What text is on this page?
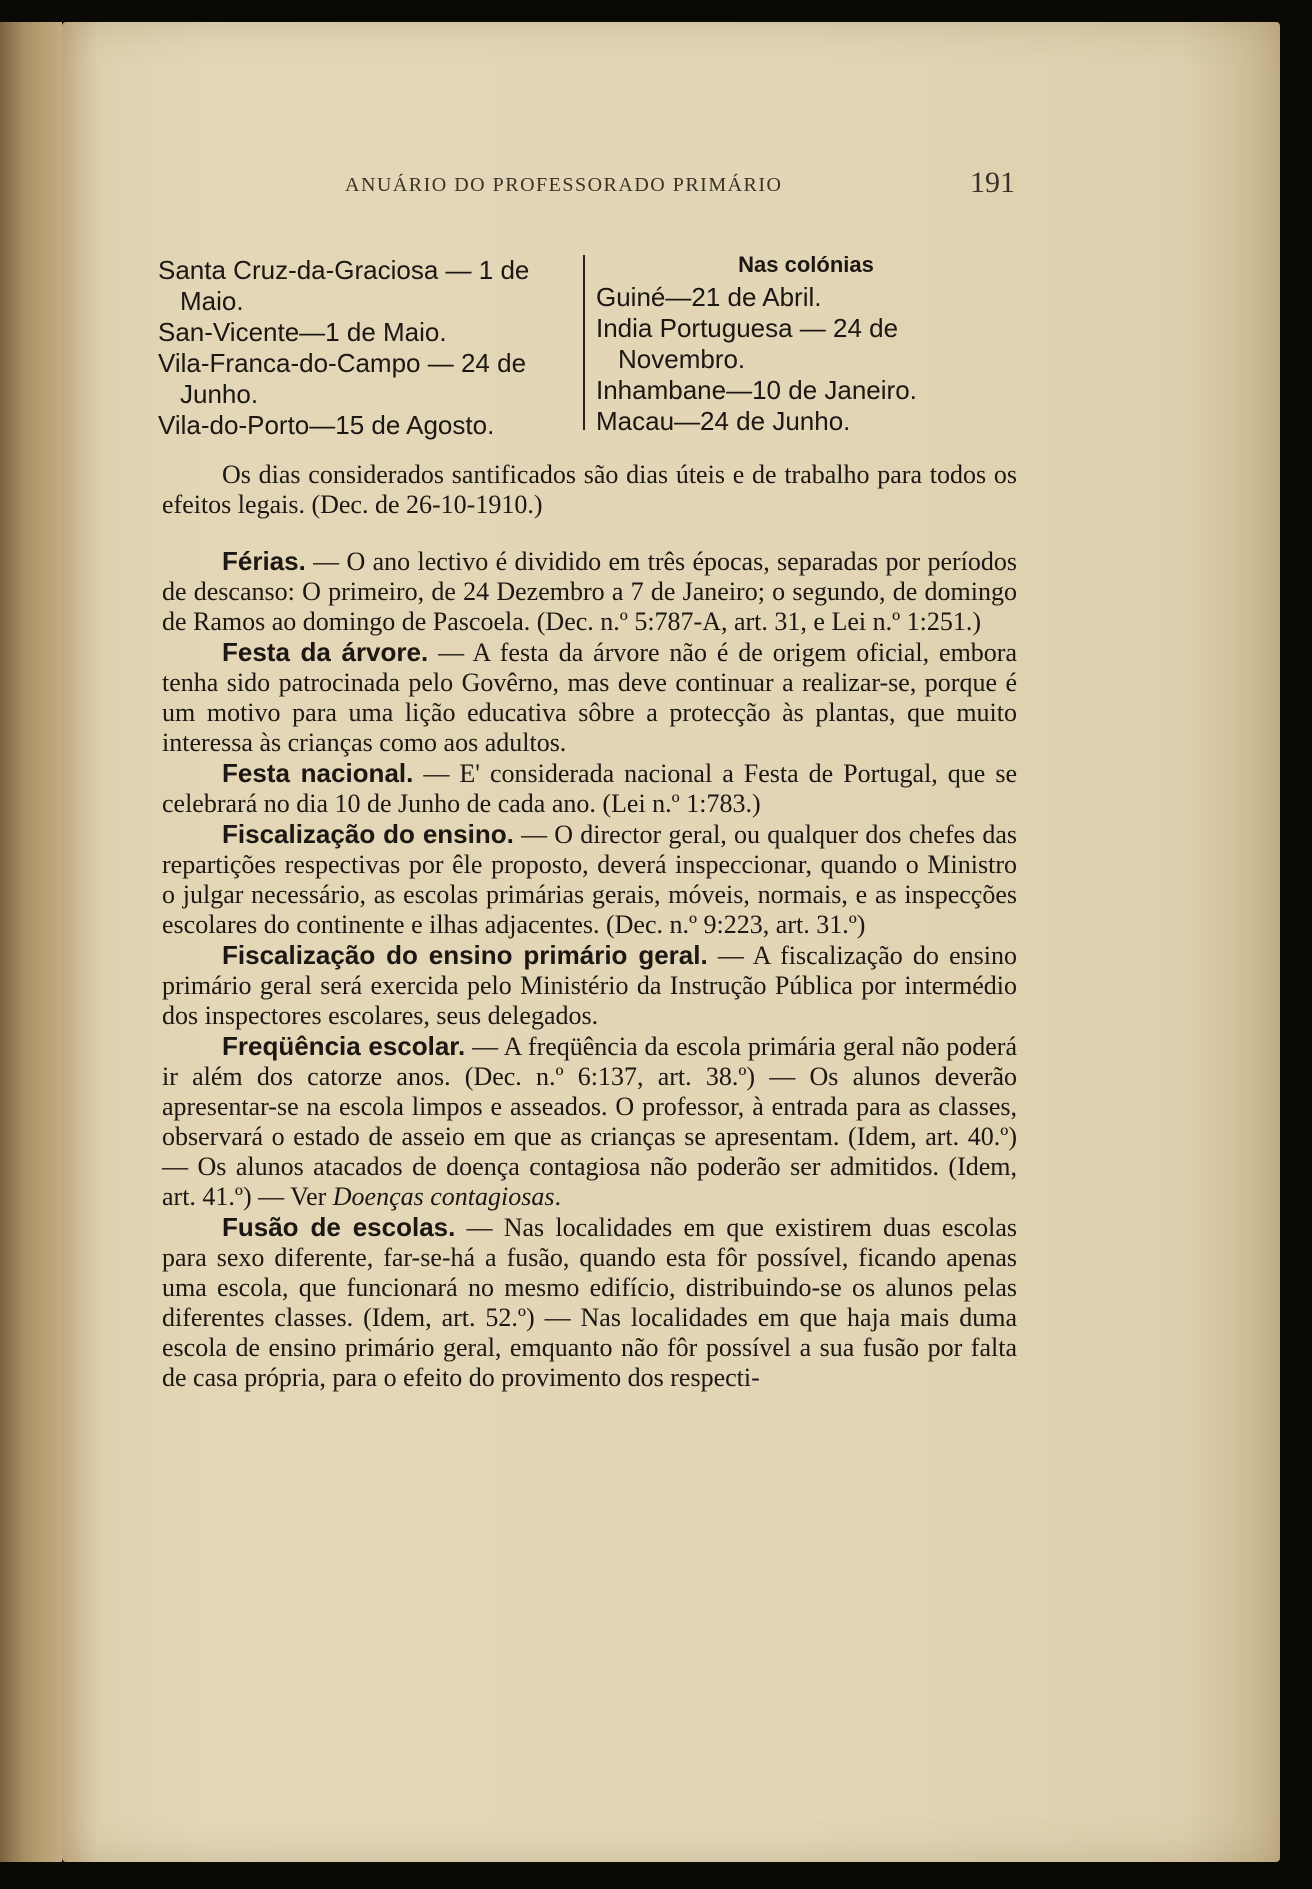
ANUÁRIO DO PROFESSORADO PRIMÁRIO	191
Santa Cruz-da-Graciosa — 1 de Maio.
San-Vicente—1 de Maio.
Vila-Franca-do-Campo — 24 de Junho.
Vila-do-Porto—15 de Agosto.
Nas colónias
Guiné—21 de Abril.
India Portuguesa — 24 de Novembro.
Inhambane—10 de Janeiro.
Macau—24 de Junho.

Os dias considerados santificados são dias úteis e de trabalho para todos os efeitos legais. (Dec. de 26-10-1910.)

Férias. — O ano lectivo é dividido em três épocas, separadas por períodos de descanso: O primeiro, de 24 Dezembro a 7 de Janeiro; o segundo, de domingo de Ramos ao domingo de Pascoela. (Dec. n.º 5:787-A, art. 31, e Lei n.º 1:251.)

Festa da árvore. — A festa da árvore não é de origem oficial, embora tenha sido patrocinada pelo Govêrno, mas deve continuar a realizar-se, porque é um motivo para uma lição educativa sôbre a protecção às plantas, que muito interessa às crianças como aos adultos.

Festa nacional. — E' considerada nacional a Festa de Portugal, que se celebrará no dia 10 de Junho de cada ano. (Lei n.º 1:783.)

Fiscalização do ensino. — O director geral, ou qualquer dos chefes das repartições respectivas por êle proposto, deverá inspeccionar, quando o Ministro o julgar necessário, as escolas primárias gerais, móveis, normais, e as inspecções escolares do continente e ilhas adjacentes. (Dec. n.º 9:223, art. 31.º)

Fiscalização do ensino primário geral. — A fiscalização do ensino primário geral será exercida pelo Ministério da Instrução Pública por intermédio dos inspectores escolares, seus delegados.

Freqüência escolar. — A freqüência da escola primária geral não poderá ir além dos catorze anos. (Dec. n.º 6:137, art. 38.º) — Os alunos deverão apresentar-se na escola limpos e asseados. O professor, à entrada para as classes, observará o estado de asseio em que as crianças se apresentam. (Idem, art. 40.º) — Os alunos atacados de doença contagiosa não poderão ser admitidos. (Idem, art. 41.º) — Ver Doenças contagiosas.

Fusão de escolas. — Nas localidades em que existirem duas escolas para sexo diferente, far-se-há a fusão, quando esta fôr possível, ficando apenas uma escola, que funcionará no mesmo edifício, distribuindo-se os alunos pelas diferentes classes. (Idem, art. 52.º) — Nas localidades em que haja mais duma escola de ensino primário geral, emquanto não fôr possível a sua fusão por falta de casa própria, para o efeito do provimento dos respecti-
